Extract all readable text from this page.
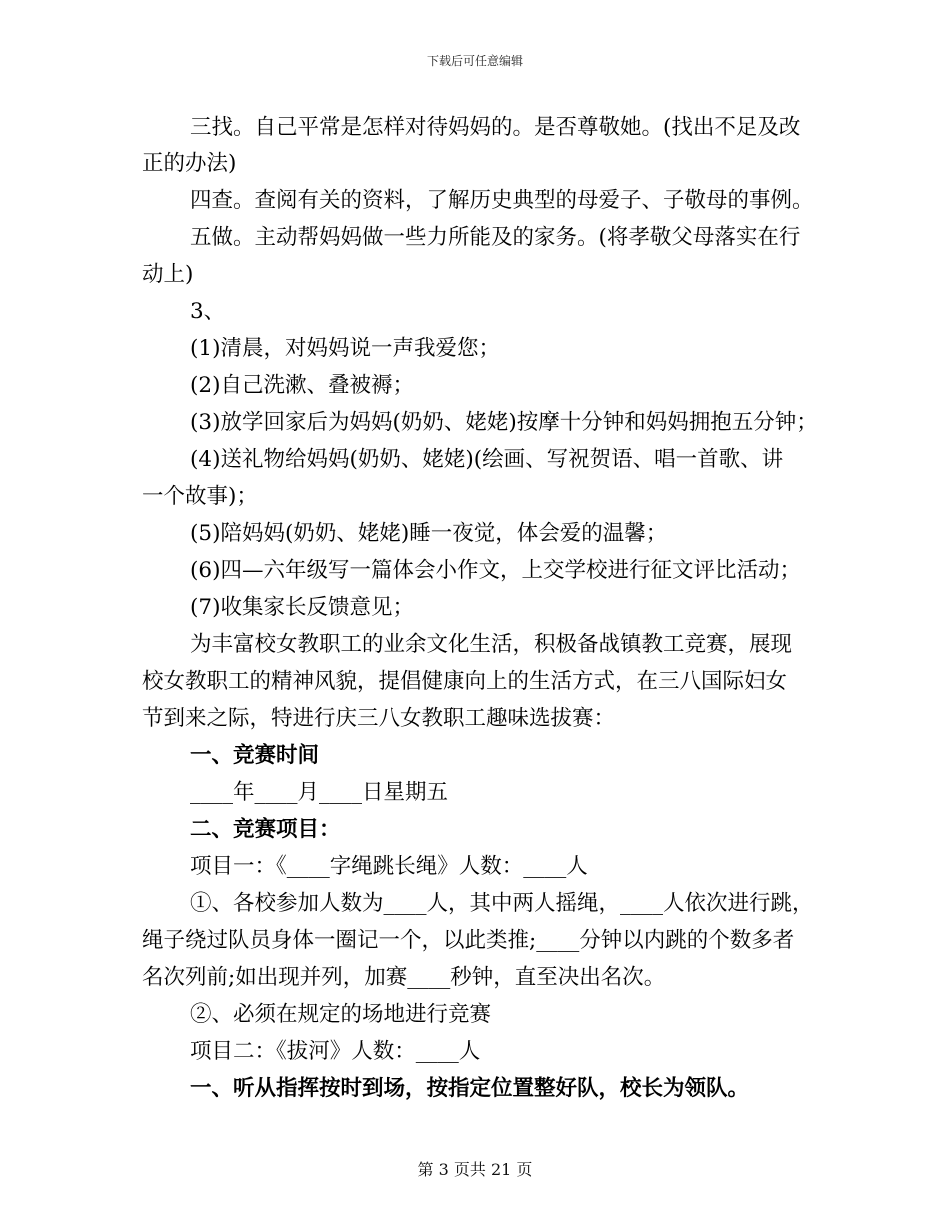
下载后可任意编辑
三找。自己平常是怎样对待妈妈的。是否尊敬她。(找出不足及改
正的办法)
四查。查阅有关的资料，了解历史典型的母爱子、子敬母的事例。
五做。主动帮妈妈做一些力所能及的家务。(将孝敬父母落实在行
动上)
3、
(1)清晨，对妈妈说一声我爱您；
(2)自己洗漱、叠被褥；
(3)放学回家后为妈妈(奶奶、姥姥)按摩十分钟和妈妈拥抱五分钟；
(4)送礼物给妈妈(奶奶、姥姥)(绘画、写祝贺语、唱一首歌、讲
一个故事)；
(5)陪妈妈(奶奶、姥姥)睡一夜觉，体会爱的温馨；
(6)四—六年级写一篇体会小作文，上交学校进行征文评比活动；
(7)收集家长反馈意见；
为丰富校女教职工的业余文化生活，积极备战镇教工竞赛，展现
校女教职工的精神风貌，提倡健康向上的生活方式，在三八国际妇女
节到来之际，特进行庆三八女教职工趣味选拔赛：
一、竞赛时间
____年____月____日星期五
二、竞赛项目：
项目一：《____字绳跳长绳》人数：____人
①、各校参加人数为____人，其中两人摇绳，____人依次进行跳，
绳子绕过队员身体一圈记一个，以此类推;____分钟以内跳的个数多者
名次列前;如出现并列，加赛____秒钟，直至决出名次。
②、必须在规定的场地进行竞赛
项目二：《拔河》人数：____人
一、听从指挥按时到场，按指定位置整好队，校长为领队。
第 3 页共 21 页
